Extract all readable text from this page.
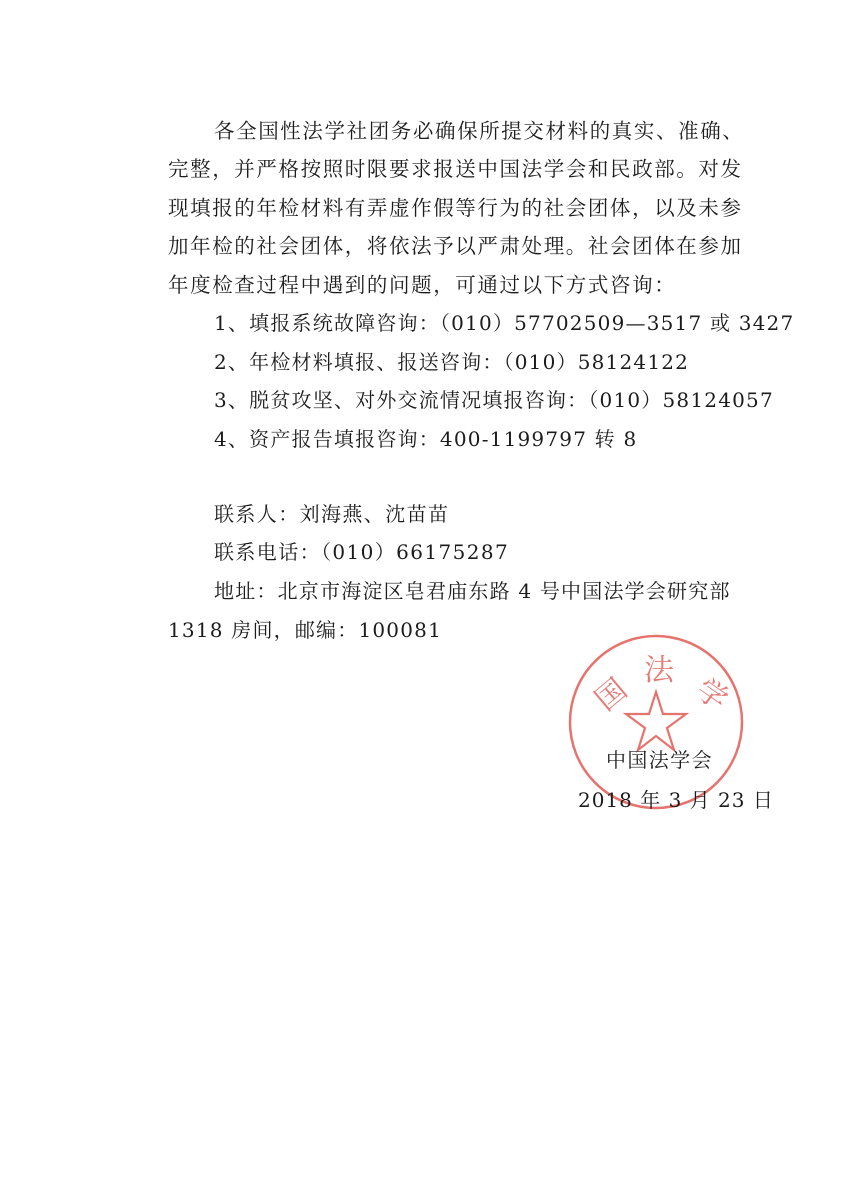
各全国性法学社团务必确保所提交材料的真实、准确、
完整，并严格按照时限要求报送中国法学会和民政部。对发
现填报的年检材料有弄虚作假等行为的社会团体，以及未参
加年检的社会团体，将依法予以严肃处理。社会团体在参加
年度检查过程中遇到的问题，可通过以下方式咨询：
1、填报系统故障咨询：（010）57702509—3517 或 3427
2、年检材料填报、报送咨询：（010）58124122
3、脱贫攻坚、对外交流情况填报咨询：（010）58124057
4、资产报告填报咨询：400-1199797 转 8
联系人：刘海燕、沈苗苗
联系电话：（010）66175287
地址：北京市海淀区皂君庙东路 4 号中国法学会研究部
1318 房间，邮编：100081
国
法
学
中国法学会
2018 年 3 月 23 日
